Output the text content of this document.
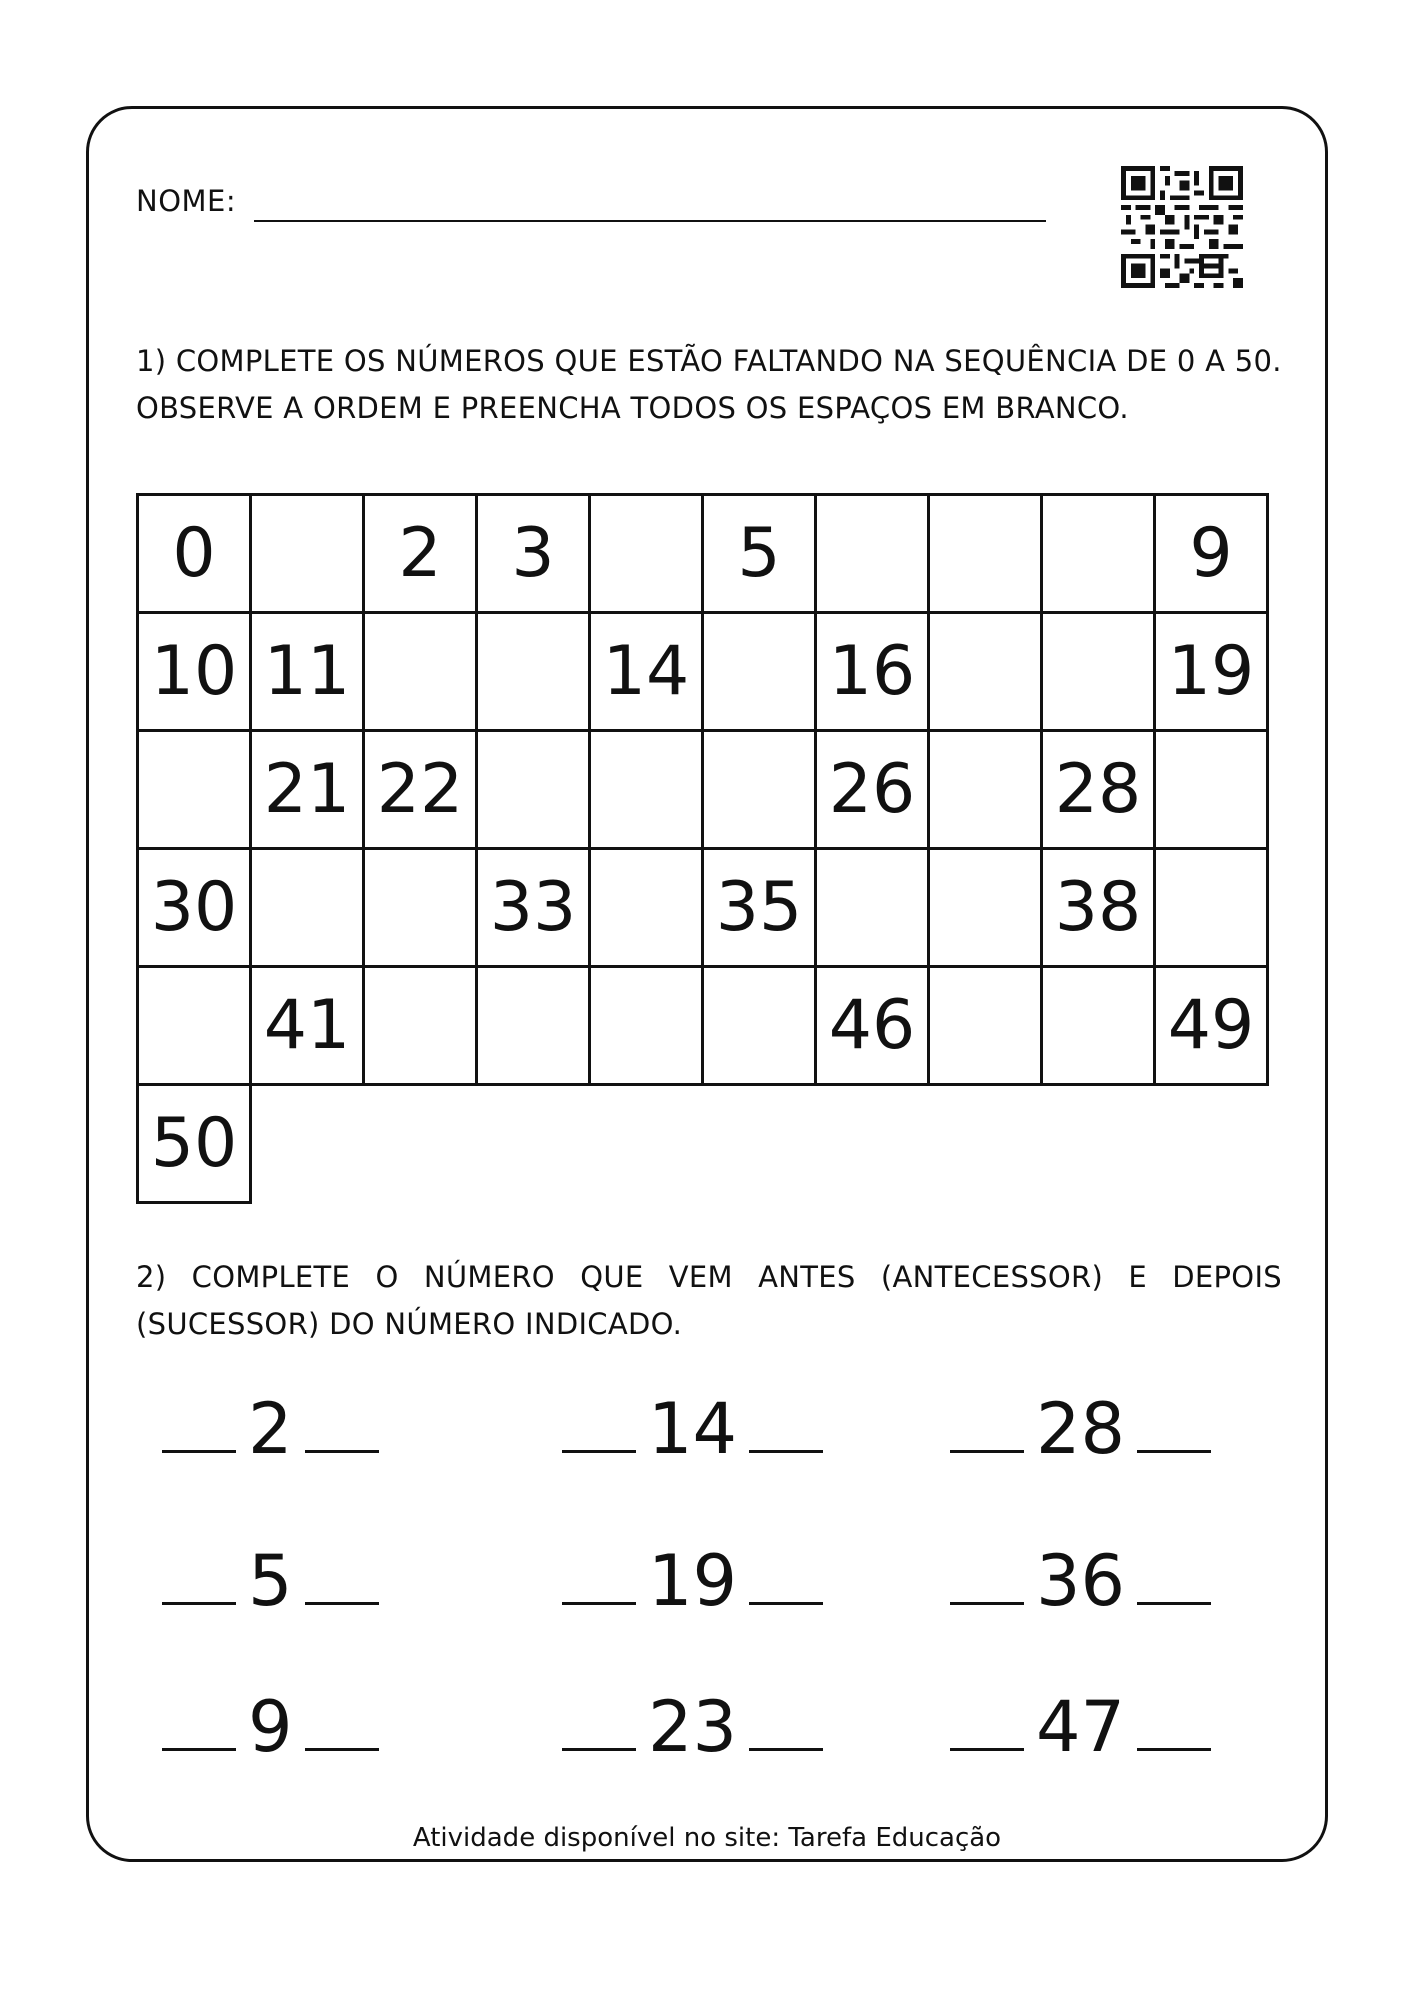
NOME:
1) COMPLETE OS NÚMEROS QUE ESTÃO FALTANDO NA SEQUÊNCIA DE 0 A 50. OBSERVE A ORDEM E PREENCHA TODOS OS ESPAÇOS EM BRANCO.
0		2	3		5				9
10	11			14		16			19
	21	22				26		28	
30			33		35			38	
	41					46			49
50									
2) COMPLETE O NÚMERO QUE VEM ANTES (ANTECESSOR) E DEPOIS (SUCESSOR) DO NÚMERO INDICADO.
2	14	28
5	19	36
9	23	47
Atividade disponível no site: Tarefa Educação
